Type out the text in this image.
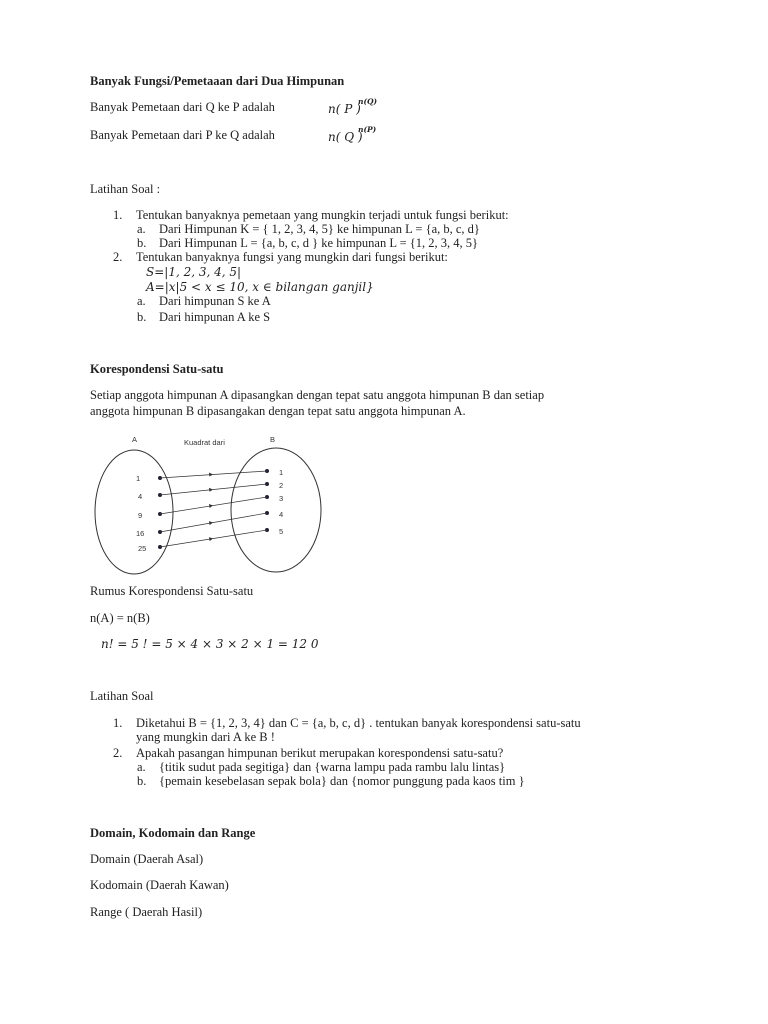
Banyak Fungsi/Pemetaaan dari Dua Himpunan
Banyak Pemetaan dari Q ke P adalah	n( P )
n(Q)
Banyak Pemetaan dari P ke Q adalah	n( Q )
n(P)
Latihan Soal :
1. Tentukan banyaknya pemetaan yang mungkin terjadi untuk fungsi berikut:
a. Dari Himpunan K = { 1, 2, 3, 4, 5} ke himpunan L = {a, b, c, d}
b. Dari Himpunan L = {a, b, c, d } ke himpunan L = {1, 2, 3, 4, 5}
2. Tentukan banyaknya fungsi yang mungkin dari fungsi berikut:
S=|1, 2, 3, 4, 5|
A=|x|5 < x ≤ 10, x ∈ bilangan ganjil}
a. Dari himpunan S ke A
b. Dari himpunan A ke S
Korespondensi Satu-satu
Setiap anggota himpunan A dipasangkan dengan tepat satu anggota himpunan B dan setiap
anggota himpunan B dipasangakan dengan tepat satu anggota himpunan A.
A	Kuadrat dari	B
1
4
9
16
25
1
2
3
4
5
Rumus Korespondensi Satu-satu
n(A) = n(B)
n! = 5 ! = 5 × 4 × 3 × 2 × 1 = 12 0
Latihan Soal
1. Diketahui B = {1, 2, 3, 4} dan C = {a, b, c, d} . tentukan banyak korespondensi satu-satu
yang mungkin dari A ke B !
2. Apakah pasangan himpunan berikut merupakan korespondensi satu-satu?
a. {titik sudut pada segitiga} dan {warna lampu pada rambu lalu lintas}
b. {pemain kesebelasan sepak bola} dan {nomor punggung pada kaos tim }
Domain, Kodomain dan Range
Domain (Daerah Asal)
Kodomain (Daerah Kawan)
Range ( Daerah Hasil)
